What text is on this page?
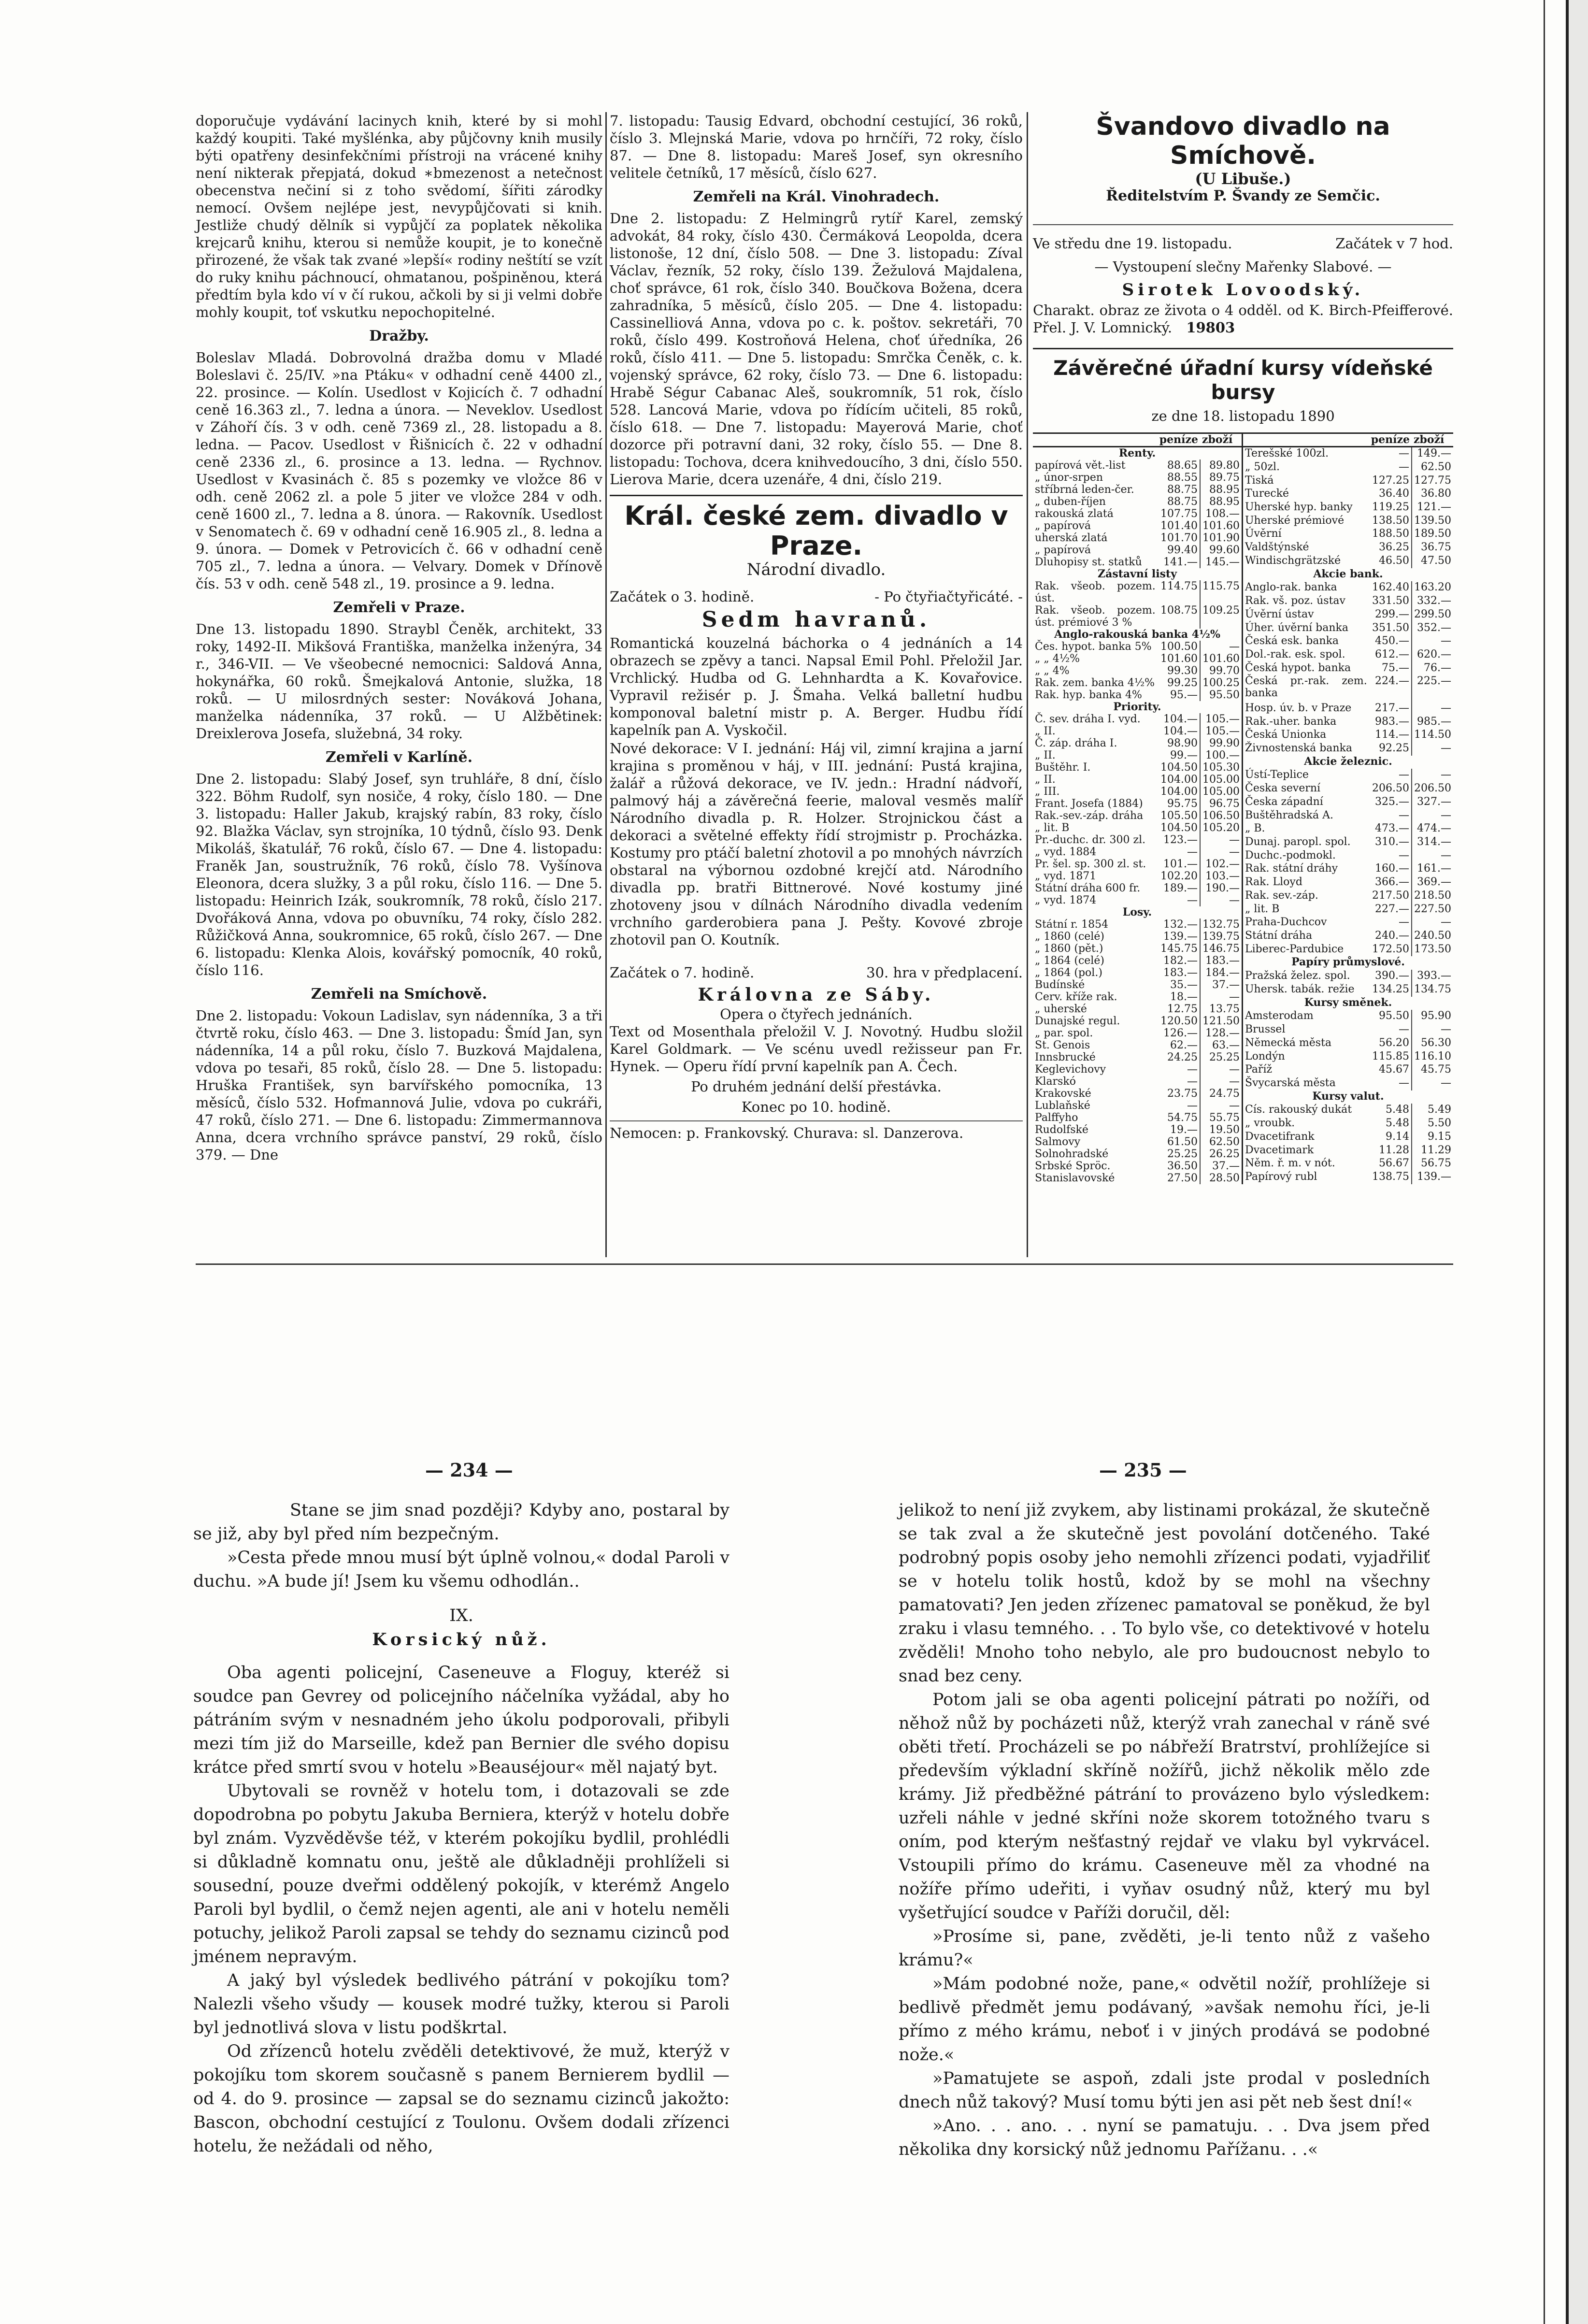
doporučuje vydávání lacinych knih, které by si mohl každý koupiti. Také myšlénka, aby půjčovny knih musily býti opatřeny desinfekčními přístroji na vrácené knihy není nikterak přepjatá, dokud ∗bmezenost a netečnost obecenstva nečiní si z toho svědomí, šířiti zárodky nemocí. Ovšem nejlépe jest, nevypůjčovati si knih. Jestliže chudý dělník si vypůjčí za poplatek několika krejcarů knihu, kterou si nemůže koupit, je to konečně přirozené, že však tak zvané »lepší« rodiny neštítí se vzít do ruky knihu páchnoucí, ohmatanou, pošpiněnou, která předtím byla kdo ví v čí rukou, ačkoli by si ji velmi dobře mohly koupit, toť vskutku nepochopitelné.

Dražby.

Boleslav Mladá. Dobrovolná dražba domu v Mladé Boleslavi č. 25/IV. »na Ptáku« v odhadní ceně 4400 zl., 22. prosince. — Kolín. Usedlost v Kojicích č. 7 odhadní ceně 16.363 zl., 7. ledna a února. — Neveklov. Usedlost v Záhoří čís. 3 v odh. ceně 7369 zl., 28. listopadu a 8. ledna. — Pacov. Usedlost v Řišnicích č. 22 v odhadní ceně 2336 zl., 6. prosince a 13. ledna. — Rychnov. Usedlost v Kvasinách č. 85 s pozemky ve vložce 86 v odh. ceně 2062 zl. a pole 5 jiter ve vložce 284 v odh. ceně 1600 zl., 7. ledna a 8. února. — Rakovník. Usedlost v Senomatech č. 69 v odhadní ceně 16.905 zl., 8. ledna a 9. února. — Domek v Petrovicích č. 66 v odhadní ceně 705 zl., 7. ledna a února. — Velvary. Domek v Dřínově čís. 53 v odh. ceně 548 zl., 19. prosince a 9. ledna.

Zemřeli v Praze.

Dne 13. listopadu 1890. Straybl Čeněk, architekt, 33 roky, 1492-II. Mikšová Františka, manželka inženýra, 34 r., 346-VII. — Ve všeobecné nemocnici: Saldová Anna, hokynářka, 60 roků. Šmejkalová Antonie, služka, 18 roků. — U milosrdných sester: Nováková Johana, manželka nádenníka, 37 roků. — U Alžbětinek: Dreixlerova Josefa, služebná, 34 roky.

Zemřeli v Karlíně.

Dne 2. listopadu: Slabý Josef, syn truhláře, 8 dní, číslo 322. Böhm Rudolf, syn nosiče, 4 roky, číslo 180. — Dne 3. listopadu: Haller Jakub, krajský rabín, 83 roky, číslo 92. Blažka Václav, syn strojníka, 10 týdnů, číslo 93. Denk Mikoláš, škatulář, 76 roků, číslo 67. — Dne 4. listopadu: Franěk Jan, soustružník, 76 roků, číslo 78. Vyšínova Eleonora, dcera služky, 3 a půl roku, číslo 116. — Dne 5. listopadu: Heinrich Izák, soukromník, 78 roků, číslo 217. Dvořáková Anna, vdova po obuvníku, 74 roky, číslo 282. Růžičková Anna, soukromnice, 65 roků, číslo 267. — Dne 6. listopadu: Klenka Alois, kovářský pomocník, 40 roků, číslo 116.

Zemřeli na Smíchově.

Dne 2. listopadu: Vokoun Ladislav, syn nádenníka, 3 a tři čtvrtě roku, číslo 463. — Dne 3. listopadu: Šmíd Jan, syn nádenníka, 14 a půl roku, číslo 7. Buzková Majdalena, vdova po tesaři, 85 roků, číslo 28. — Dne 5. listopadu: Hruška František, syn barvířského pomocníka, 13 měsíců, číslo 532. Hofmannová Julie, vdova po cukráři, 47 roků, číslo 271. — Dne 6. listopadu: Zimmermannova Anna, dcera vrchního správce panství, 29 roků, číslo 379. — Dne

7. listopadu: Tausig Edvard, obchodní cestující, 36 roků, číslo 3. Mlejnská Marie, vdova po hrnčíři, 72 roky, číslo 87. — Dne 8. listopadu: Mareš Josef, syn okresního velitele četníků, 17 měsíců, číslo 627.

Zemřeli na Král. Vinohradech.

Dne 2. listopadu: Z Helmingrů rytíř Karel, zemský advokát, 84 roky, číslo 430. Čermáková Leopolda, dcera listonoše, 12 dní, číslo 508. — Dne 3. listopadu: Zíval Václav, řezník, 52 roky, číslo 139. Žežulová Majdalena, choť správce, 61 rok, číslo 340. Boučkova Božena, dcera zahradníka, 5 měsíců, číslo 205. — Dne 4. listopadu: Cassinelliová Anna, vdova po c. k. poštov. sekretáři, 70 roků, číslo 499. Kostroňová Helena, choť úředníka, 26 roků, číslo 411. — Dne 5. listopadu: Smrčka Čeněk, c. k. vojenský správce, 62 roky, číslo 73. — Dne 6. listopadu: Hrabě Ségur Cabanac Aleš, soukromník, 51 rok, číslo 528. Lancová Marie, vdova po řídícím učiteli, 85 roků, číslo 618. — Dne 7. listopadu: Mayerová Marie, choť dozorce při potravní dani, 32 roky, číslo 55. — Dne 8. listopadu: Tochova, dcera knihvedoucího, 3 dni, číslo 550. Lierova Marie, dcera uzenáře, 4 dni, číslo 219.

Král. české zem. divadlo v Praze.
Národní divadlo.
Začátek o 3. hodině.	- Po čtyřiačtyřicáté. -
Sedm havranů.

Romantická kouzelná báchorka o 4 jednáních a 14 obrazech se zpěvy a tanci. Napsal Emil Pohl. Přeložil Jar. Vrchlický. Hudba od G. Lehnhardta a K. Kovařovice. Vypravil režisér p. J. Šmaha. Velká balletní hudbu komponoval baletní mistr p. A. Berger. Hudbu řídí kapelník pan A. Vyskočil.

Nové dekorace: V I. jednání: Háj vil, zimní krajina a jarní krajina s proměnou v háj, v III. jednání: Pustá krajina, žalář a růžová dekorace, ve IV. jedn.: Hradní nádvoří, palmový háj a závěrečná feerie, maloval vesměs malíř Národního divadla p. R. Holzer. Strojnickou část a dekoraci a světelné effekty řídí strojmistr p. Procházka. Kostumy pro ptáčí baletní zhotovil a po mnohých návrzích obstaral na výbornou ozdobné krejčí atd. Národního divadla pp. bratři Bittnerové. Nové kostumy jiné zhotoveny jsou v dílnách Národního divadla vedením vrchního garderobiera pana J. Pešty. Kovové zbroje zhotovil pan O. Koutník.

Začátek o 7. hodině.	30. hra v předplacení.
Královna ze Sáby.
Opera o čtyřech jednáních.

Text od Mosenthala přeložil V. J. Novotný. Hudbu složil Karel Goldmark. — Ve scénu uvedl režisseur pan Fr. Hynek. — Operu řídí první kapelník pan A. Čech.

Po druhém jednání delší přestávka.
Konec po 10. hodině.
Nemocen: p. Frankovský. Churava: sl. Danzerova.
Švandovo divadlo na Smíchově.
(U Libuše.)
Ředitelstvím P. Švandy ze Semčic.
Ve středu dne 19. listopadu.	Začátek v 7 hod.
— Vystoupení slečny Mařenky Slabové. —
Sirotek Lovoodský.
Charakt. obraz ze života o 4 odděl. od K. Birch-Pfeifferové. Přel. J. V. Lomnický. 19803
Závěrečné úřadní kursy vídeňské bursy
ze dne 18. listopadu 1890
	peníze	zboží
Renty.		
papírová vět.-list	88.65	89.80
„ únor-srpen	88.55	89.75
stříbrná leden-čer.	88.75	88.95
„ duben-říjen	88.75	88.95
rakouská zlatá	107.75	108.—
„ papírová	101.40	101.60
uherská zlatá	101.70	101.90
„ papírová	99.40	99.60
Dluhopisy st. statků	141.—	145.—
Zástavní listy		
Rak. všeob. pozem. úst.	114.75	115.75
Rak. všeob. pozem. úst. prémiové 3 %	108.75	109.25
Anglo-rakouská banka 4½%		
Čes. hypot. banka 5%	100.50	—
„ „ 4½%	101.60	101.60
„ „ 4%	99.30	99.70
Rak. zem. banka 4½%	99.25	100.25
Rak. hyp. banka 4%	95.—	95.50
Priority.		
Č. sev. dráha I. vyd.	104.—	105.—
„ II.	104.—	105.—
Č. záp. dráha I.	98.90	99.90
„ II.	99.—	100.—
Buštěhr. I.	104.50	105.30
„ II.	104.00	105.00
„ III.	104.00	105.00
Frant. Josefa (1884)	95.75	96.75
Rak.-sev.-záp. dráha	105.50	106.50
„ lit. B	104.50	105.20
Pr.-duchc. dr. 300 zl.	123.—	—
„ vyd. 1884	—	—
Pr. šel. sp. 300 zl. st.	101.—	102.—
„ vyd. 1871	102.20	103.—
Státní dráha 600 fr.	189.—	190.—
„ vyd. 1874	—	—
Losy.		
Státní r. 1854	132.—	132.75
„ 1860 (celé)	139.—	139.75
„ 1860 (pět.)	145.75	146.75
„ 1864 (celé)	182.—	183.—
„ 1864 (pol.)	183.—	184.—
Budínské	35.—	37.—
Cerv. kříže rak.	18.—	—
„ uherské	12.75	13.75
Dunajské regul.	120.50	121.50
„ par. spol.	126.—	128.—
St. Genois	62.—	63.—
Innsbrucké	24.25	25.25
Keglevichovy	—	—
Klarskó	—	—
Krakovské	23.75	24.75
Lublaňské	—	—
Palffyho	54.75	55.75
Rudolfské	19.—	19.50
Salmovy	61.50	62.50
Solnohradské	25.25	26.25
Srbské Spröc.	36.50	37.—
Stanislavovské	27.50	28.50
	peníze	zboží
Terešské 100zl.	—	149.—
„ 50zl.	—	62.50
Tiská	127.25	127.75
Turecké	36.40	36.80
Uherské hyp. banky	119.25	121.—
Uherské prémiové	138.50	139.50
Úvěrní	188.50	189.50
Valdštýnské	36.25	36.75
Windischgrätzské	46.50	47.50
Akcie bank.		
Anglo-rak. banka	162.40	163.20
Rak. vš. poz. ústav	331.50	332.—
Úvěrní ústav	299.—	299.50
Úher. úvěrní banka	351.50	352.—
Česká esk. banka	450.—	—
Dol.-rak. esk. spol.	612.—	620.—
Česká hypot. banka	75.—	76.—
Česká pr.-rak. zem. banka	224.—	225.—
Hosp. úv. b. v Praze	217.—	—
Rak.-uher. banka	983.—	985.—
Česká Unionka	114.—	114.50
Živnostenská banka	92.25	—
Akcie železnic.		
Ústí-Teplice	—	—
Česka severní	206.50	206.50
Česka západní	325.—	327.—
Buštěhradská A.	—	—
„ B.	473.—	474.—
Dunaj. paropl. spol.	310.—	314.—
Duchc.-podmokl.	—	—
Rak. státní dráhy	160.—	161.—
Rak. Lloyd	366.—	369.—
Rak. sev.-záp.	217.50	218.50
„ lit. B	227.—	227.50
Praha-Duchcov	—	—
Státní dráha	240.—	240.50
Liberec-Pardubice	172.50	173.50
Papíry průmyslové.		
Pražská želez. spol.	390.—	393.—
Uhersk. tabák. režie	134.25	134.75
Kursy směnek.		
Amsterodam	95.50	95.90
Brussel	—	—
Německá města	56.20	56.30
Londýn	115.85	116.10
Paříž	45.67	45.75
Švycarská města	—	—
Kursy valut.		
Cís. rakouský dukát	5.48	5.49
„ vroubk.	5.48	5.50
Dvacetifrank	9.14	9.15
Dvacetimark	11.28	11.29
Něm. ř. m. v nót.	56.67	56.75
Papírový rubl	138.75	139.—
— 234 —	— 235 —

Stane se jim snad později? Kdyby ano, postaral by se již, aby byl před ním bezpečným.

»Cesta přede mnou musí být úplně volnou,« dodal Paroli v duchu. »A bude jí! Jsem ku všemu odhodlán..

IX.
Korsický nůž.

Oba agenti policejní, Caseneuve a Floguy, kteréž si soudce pan Gevrey od policejního náčelníka vyžádal, aby ho pátráním svým v nesnadném jeho úkolu podporovali, přibyli mezi tím již do Marseille, kdež pan Bernier dle svého dopisu krátce před smrtí svou v hotelu »Beauséjour« měl najatý byt.

Ubytovali se rovněž v hotelu tom, i dotazovali se zde dopodrobna po pobytu Jakuba Berniera, kterýž v hotelu dobře byl znám. Vyzvěděvše též, v kterém pokojíku bydlil, prohlédli si důkladně komnatu onu, ještě ale důkladněji prohlíželi si sousední, pouze dveřmi oddělený pokojík, v kterémž Angelo Paroli byl bydlil, o čemž nejen agenti, ale ani v hotelu neměli potuchy, jelikož Paroli zapsal se tehdy do seznamu cizinců pod jménem nepravým.

A jaký byl výsledek bedlivého pátrání v pokojíku tom? Nalezli všeho všudy — kousek modré tužky, kterou si Paroli byl jednotlivá slova v listu podškrtal.

Od zřízenců hotelu zvěděli detektivové, že muž, kterýž v pokojíku tom skorem současně s panem Bernierem bydlil — od 4. do 9. prosince — zapsal se do seznamu cizinců jakožto: Bascon, obchodní cestující z Toulonu. Ovšem dodali zřízenci hotelu, že nežádali od něho,

jelikož to není již zvykem, aby listinami prokázal, že skutečně se tak zval a že skutečně jest povolání dotčeného. Také podrobný popis osoby jeho nemohli zřízenci podati, vyjadřiliť se v hotelu tolik hostů, kdož by se mohl na všechny pamatovati? Jen jeden zřízenec pamatoval se poněkud, že byl zraku i vlasu temného. . . To bylo vše, co detektivové v hotelu zvěděli! Mnoho toho nebylo, ale pro budoucnost nebylo to snad bez ceny.

Potom jali se oba agenti policejní pátrati po nožíři, od něhož nůž by pocházeti nůž, kterýž vrah zanechal v ráně své oběti třetí. Procházeli se po nábřeží Bratrství, prohlížejíce si především výkladní skříně nožířů, jichž několik mělo zde krámy. Již předběžné pátrání to provázeno bylo výsledkem: uzřeli náhle v jedné skříni nože skorem totožného tvaru s oním, pod kterým nešťastný rejdař ve vlaku byl vykrvácel. Vstoupili přímo do krámu. Caseneuve měl za vhodné na nožíře přímo udeřiti, i vyňav osudný nůž, který mu byl vyšetřující soudce v Paříži doručil, děl:

»Prosíme si, pane, zvěděti, je-li tento nůž z vašeho krámu?«

»Mám podobné nože, pane,« odvětil nožíř, prohlížeje si bedlivě předmět jemu podávaný, »avšak nemohu říci, je-li přímo z mého krámu, neboť i v jiných prodává se podobné nože.«

»Pamatujete se aspoň, zdali jste prodal v posledních dnech nůž takový? Musí tomu býti jen asi pět neb šest dní!«

»Ano. . . ano. . . nyní se pamatuju. . . Dva jsem před několika dny korsický nůž jednomu Pařížanu. . .«
